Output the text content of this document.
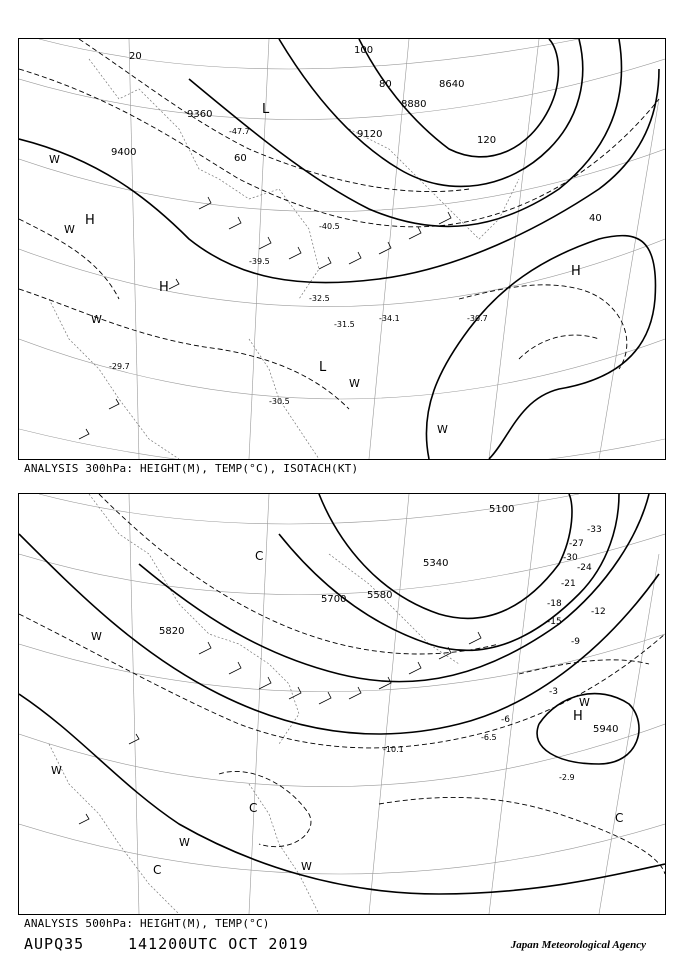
9360
9120
8880
8640
9400
20
40
60
80
100
120
-30.7
-31.5
-32.5
-34.1
-39.5
-40.5
-47.7
-29.7
-30.5
H
H
H
L
L
W
W
W
W
W
ANALYSIS 300hPa: HEIGHT(M), TEMP(°C), ISOTACH(KT)
5700 5580
5340
5820
5940
5100
-3
-6
-9
-12
-15
-18
-21
-24
-27
-30
-33
-6.5
-10.1
-2.9
H
C
C
C
C
W
W
W
W
W
ANALYSIS 500hPa: HEIGHT(M), TEMP(°C)
AUPQ35	141200UTC OCT 2019	Japan Meteorological Agency
